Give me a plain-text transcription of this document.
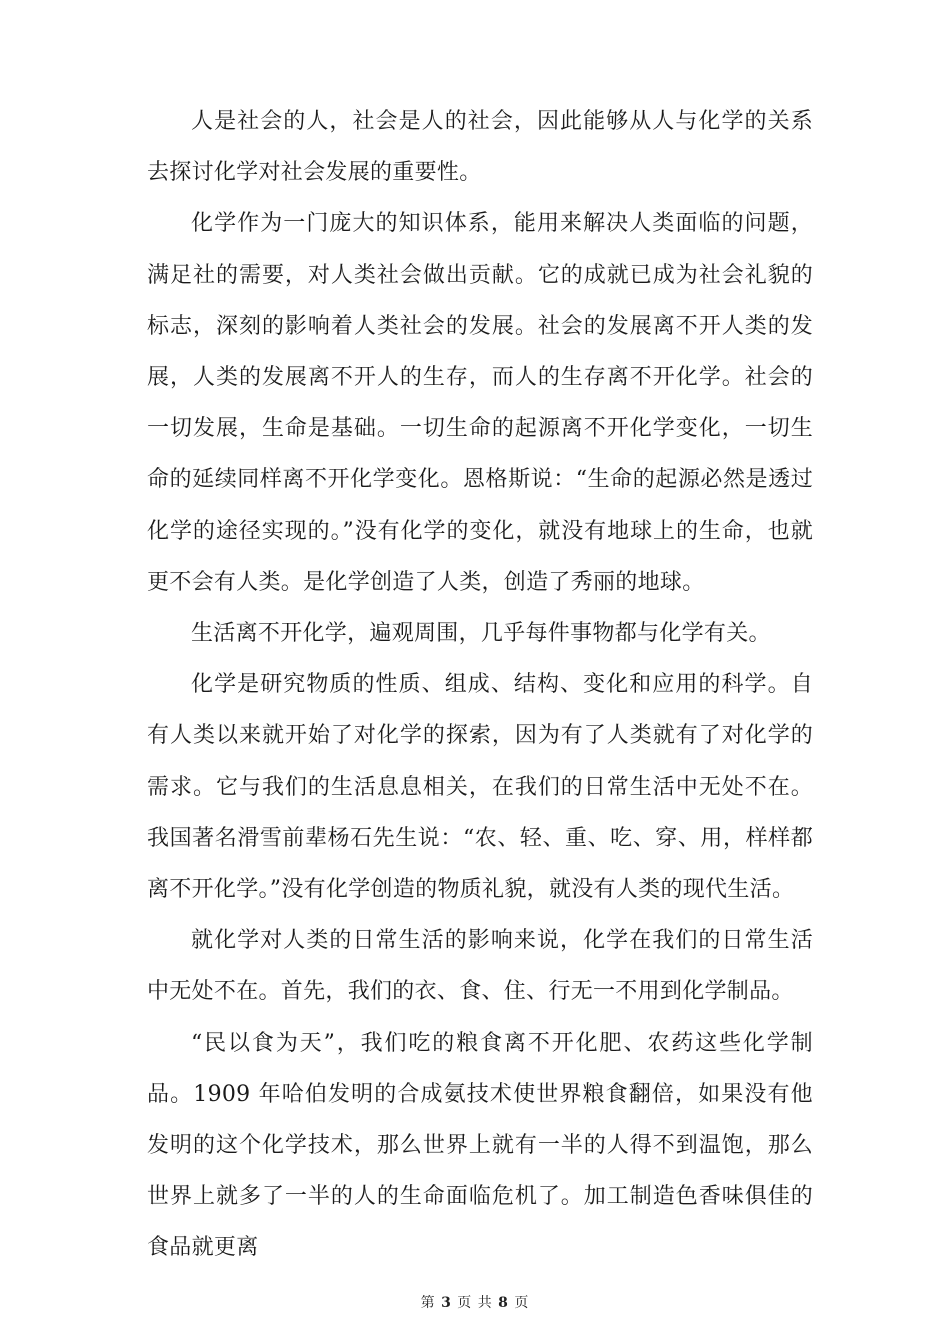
人是社会的人，社会是人的社会，因此能够从人与化学的关系去探讨化学对社会发展的重要性。

化学作为一门庞大的知识体系，能用来解决人类面临的问题，满足社的需要，对人类社会做出贡献。它的成就已成为社会礼貌的标志，深刻的影响着人类社会的发展。社会的发展离不开人类的发展，人类的发展离不开人的生存，而人的生存离不开化学。社会的一切发展，生命是基础。一切生命的起源离不开化学变化，一切生命的延续同样离不开化学变化。恩格斯说：“生命的起源必然是透过化学的途径实现的。”没有化学的变化，就没有地球上的生命，也就更不会有人类。是化学创造了人类，创造了秀丽的地球。

生活离不开化学，遍观周围，几乎每件事物都与化学有关。

化学是研究物质的性质、组成、结构、变化和应用的科学。自有人类以来就开始了对化学的探索，因为有了人类就有了对化学的需求。它与我们的生活息息相关，在我们的日常生活中无处不在。我国著名滑雪前辈杨石先生说：“农、轻、重、吃、穿、用，样样都离不开化学。”没有化学创造的物质礼貌，就没有人类的现代生活。

就化学对人类的日常生活的影响来说，化学在我们的日常生活中无处不在。首先，我们的衣、食、住、行无一不用到化学制品。

“民以食为天”，我们吃的粮食离不开化肥、农药这些化学制品。1909 年哈伯发明的合成氨技术使世界粮食翻倍，如果没有他发明的这个化学技术，那么世界上就有一半的人得不到温饱，那么世界上就多了一半的人的生命面临危机了。加工制造色香味俱佳的食品就更离

第 3 页 共 8 页
